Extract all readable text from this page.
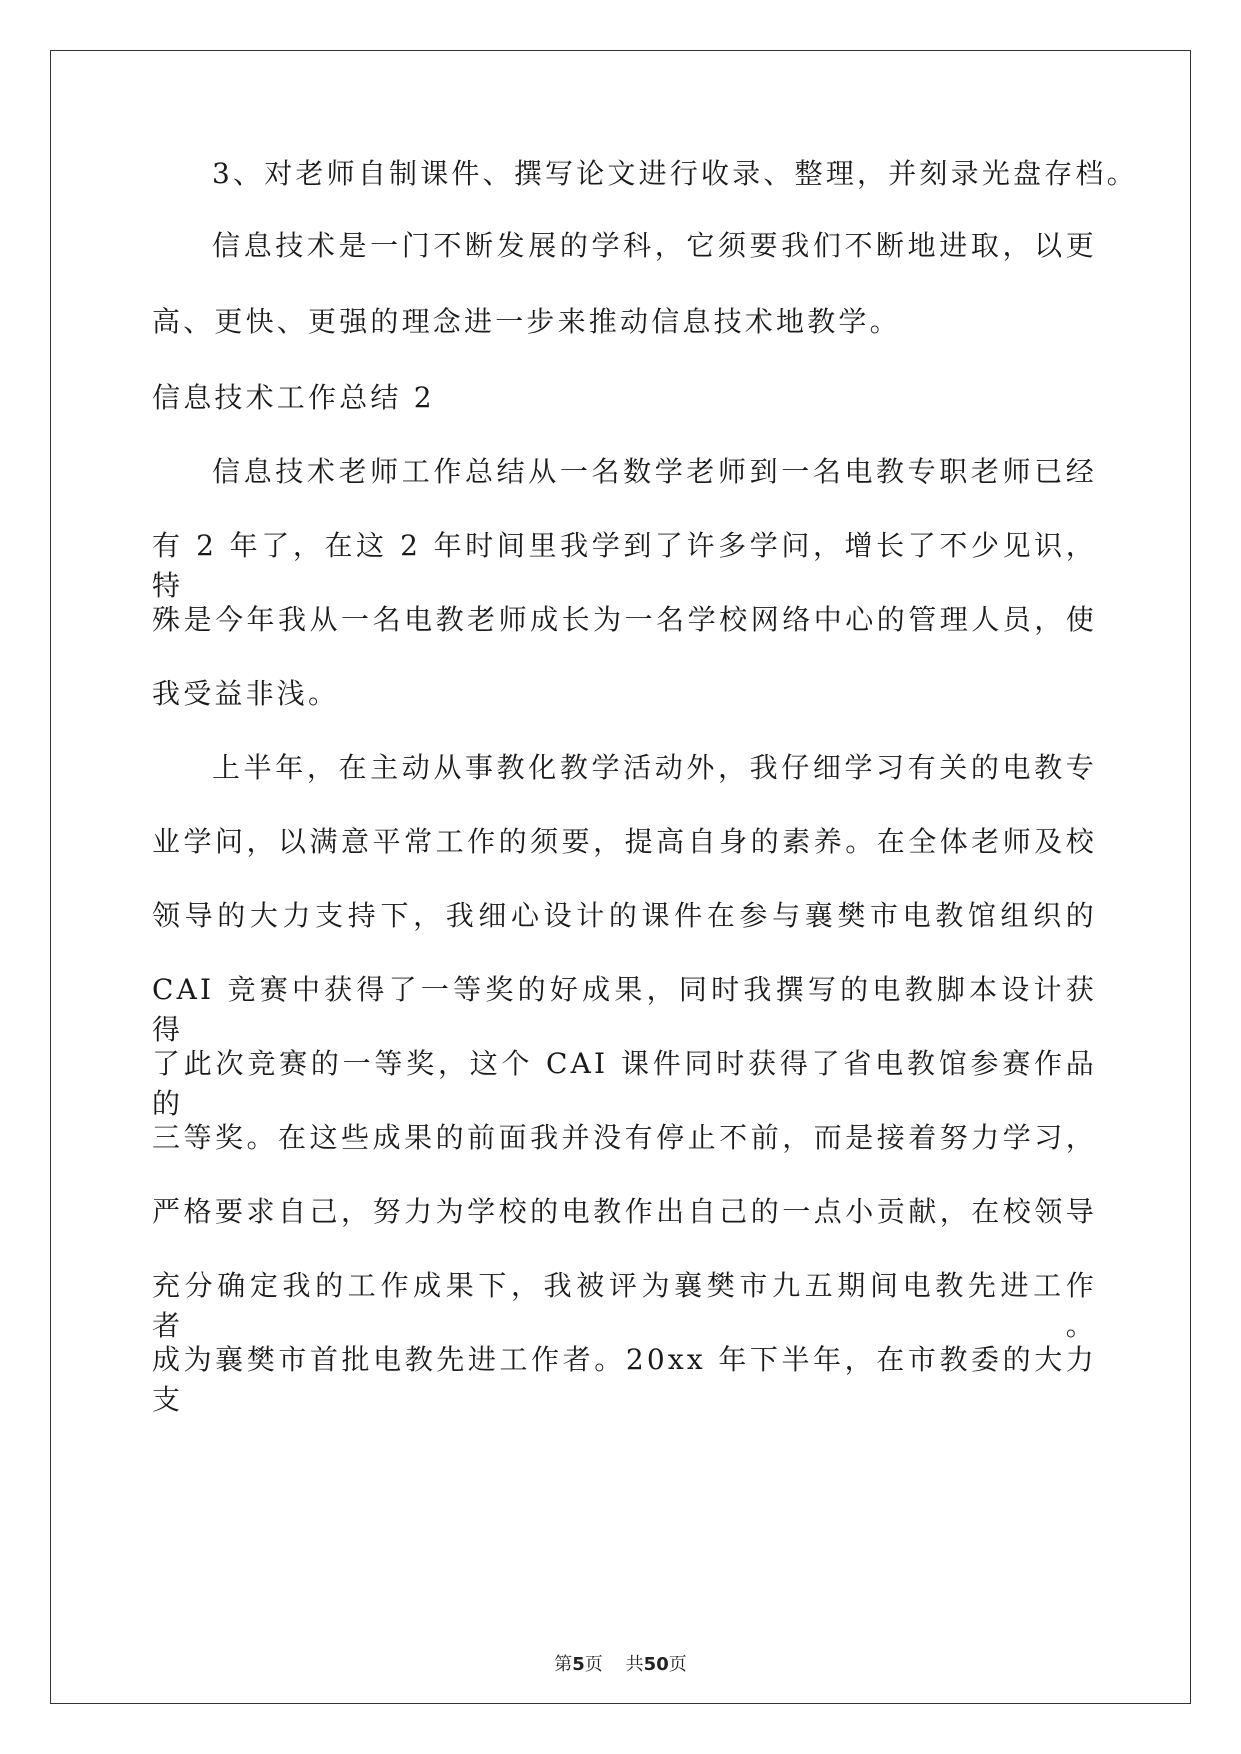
3、对老师自制课件、撰写论文进行收录、整理，并刻录光盘存档。
信息技术是一门不断发展的学科，它须要我们不断地进取，以更
高、更快、更强的理念进一步来推动信息技术地教学。
信息技术工作总结 2
信息技术老师工作总结从一名数学老师到一名电教专职老师已经
有 2 年了，在这 2 年时间里我学到了许多学问，增长了不少见识，特
殊是今年我从一名电教老师成长为一名学校网络中心的管理人员，使
我受益非浅。
上半年，在主动从事教化教学活动外，我仔细学习有关的电教专
业学问，以满意平常工作的须要，提高自身的素养。在全体老师及校
领导的大力支持下，我细心设计的课件在参与襄樊市电教馆组织的
CAI 竞赛中获得了一等奖的好成果，同时我撰写的电教脚本设计获得
了此次竞赛的一等奖，这个 CAI 课件同时获得了省电教馆参赛作品的
三等奖。在这些成果的前面我并没有停止不前，而是接着努力学习，
严格要求自己，努力为学校的电教作出自己的一点小贡献，在校领导
充分确定我的工作成果下，我被评为襄樊市九五期间电教先进工作者。
成为襄樊市首批电教先进工作者。20xx 年下半年，在市教委的大力支
第5页 共50页
